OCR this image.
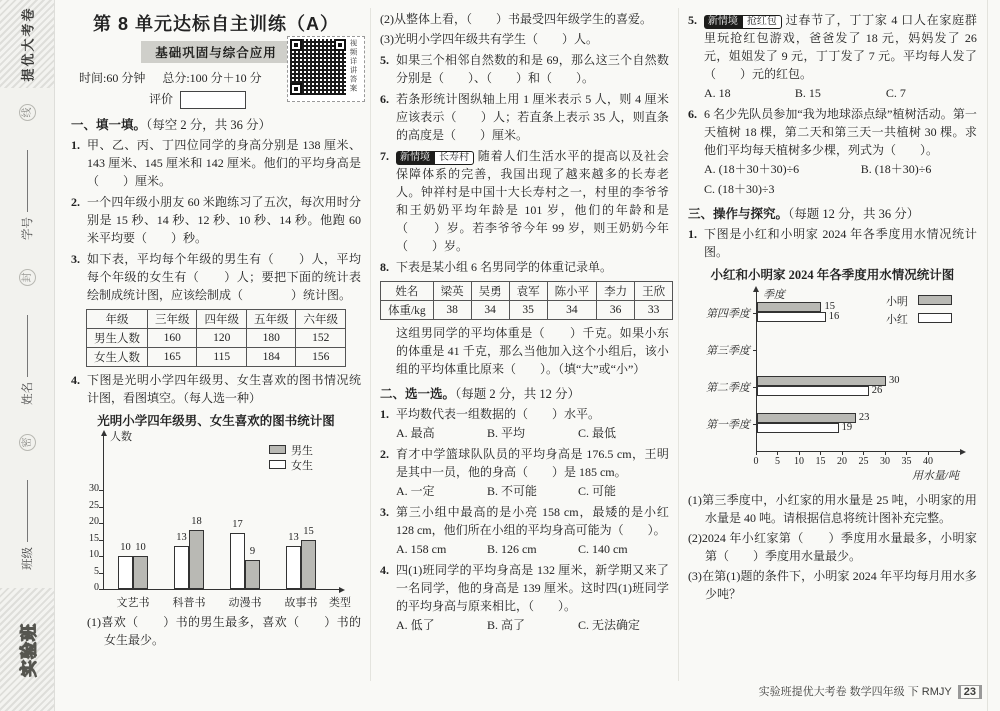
提优大考卷
班级
密
姓名
封
学号
线
实验班
第 8 单元达标自主训练（A）
基础巩固与综合应用
时间:60 分钟 总分:100 分＋10 分
评价
视频详讲答案
一、填一填。（每空 2 分，共 36 分）
1. 甲、乙、丙、丁四位同学的身高分别是 138 厘米、143 厘米、145 厘米和 142 厘米。他们的平均身高是（　　）厘米。
2. 一个四年级小朋友 60 米跑练习了五次，每次用时分别是 15 秒、14 秒、12 秒、10 秒、14 秒。他跑 60 米平均要（　　）秒。
3. 如下表，平均每个年级的男生有（　　）人，平均每个年级的女生有（　　）人；要把下面的统计表绘制成统计图，应该绘制成（　　　　）统计图。
年级	三年级	四年级	五年级	六年级
男生人数	160	120	180	152
女生人数	165	115	184	156
4. 下图是光明小学四年级男、女生喜欢的图书情况统计图，看图填空。（每人选一种）
光明小学四年级男、女生喜欢的图书统计图
人数
类型
0
5
10
15
20
25
30
文艺书
10 10
科普书
13
18
动漫书
17
9
故事书
13
15
男生
女生
(1)喜欢（　　）书的男生最多，喜欢（　　）书的女生最少。
(2)从整体上看，（　　）书最受四年级学生的喜爱。
(3)光明小学四年级共有学生（　　）人。
5. 如果三个相邻自然数的和是 69，那么这三个自然数分别是（　　）、（　　）和（　　）。
6. 若条形统计图纵轴上用 1 厘米表示 5 人，则 4 厘米应该表示（　　）人；若直条上表示 35 人，则直条的高度是（　　）厘米。
7. 新情境 长寿村 随着人们生活水平的提高以及社会保障体系的完善，我国出现了越来越多的长寿老人。钟祥村是中国十大长寿村之一，村里的李爷爷和王奶奶平均年龄是 101 岁，他们的年龄和是（　　）岁。若李爷爷今年 99 岁，则王奶奶今年（　　）岁。
8. 下表是某小组 6 名男同学的体重记录单。
姓名	梁英	吴勇	袁军	陈小平	李力	王欣
体重/kg	38	34	35	34	36	33
这组男同学的平均体重是（　　）千克。如果小东的体重是 41 千克，那么当他加入这个小组后，该小组的平均体重比原来（　　）。（填“大”或“小”）
二、选一选。（每题 2 分，共 12 分）
1. 平均数代表一组数据的（　　）水平。
A. 最高	B. 平均	C. 最低
2. 育才中学篮球队队员的平均身高是 176.5 cm，王明是其中一员，他的身高（　　）是 185 cm。
A. 一定	B. 不可能	C. 可能
3. 第三小组中最高的是小亮 158 cm，最矮的是小红 128 cm，他们所在小组的平均身高可能为（　　）。
A. 158 cm	B. 126 cm	C. 140 cm
4. 四(1)班同学的平均身高是 132 厘米，新学期又来了一名同学，他的身高是 139 厘米。这时四(1)班同学的平均身高与原来相比，（　　）。
A. 低了	B. 高了	C. 无法确定
5. 新情境 抢红包 过春节了，丁丁家 4 口人在家庭群里玩抢红包游戏，爸爸发了 18 元，妈妈发了 26 元，姐姐发了 9 元，丁丁发了 7 元。平均每人发了（　　）元的红包。
A. 18	B. 15	C. 7
6. 6 名少先队员参加“我为地球添点绿”植树活动。第一天植树 18 棵，第二天和第三天一共植树 30 棵。求他们平均每天植树多少棵，列式为（　　）。
A. (18＋30＋30)÷6	B. (18＋30)÷6
C. (18＋30)÷3
三、操作与探究。（每题 12 分，共 36 分）
1. 下图是小红和小明家 2024 年各季度用水情况统计图。
小红和小明家 2024 年各季度用水情况统计图
季度
用水量/吨
0	5	10	15	20	25	30	35	40
第四季度
15
16
第三季度
第二季度
30
26
第一季度
23
19
小明
小红
(1)第三季度中，小红家的用水量是 25 吨，小明家的用水量是 40 吨。请根据信息将统计图补充完整。
(2)2024 年小红家第（　　）季度用水量最多，小明家第（　　）季度用水量最少。
(3)在第(1)题的条件下，小明家 2024 年平均每月用水多少吨？
实验班提优大考卷 数学四年级 下 RMJY 23
